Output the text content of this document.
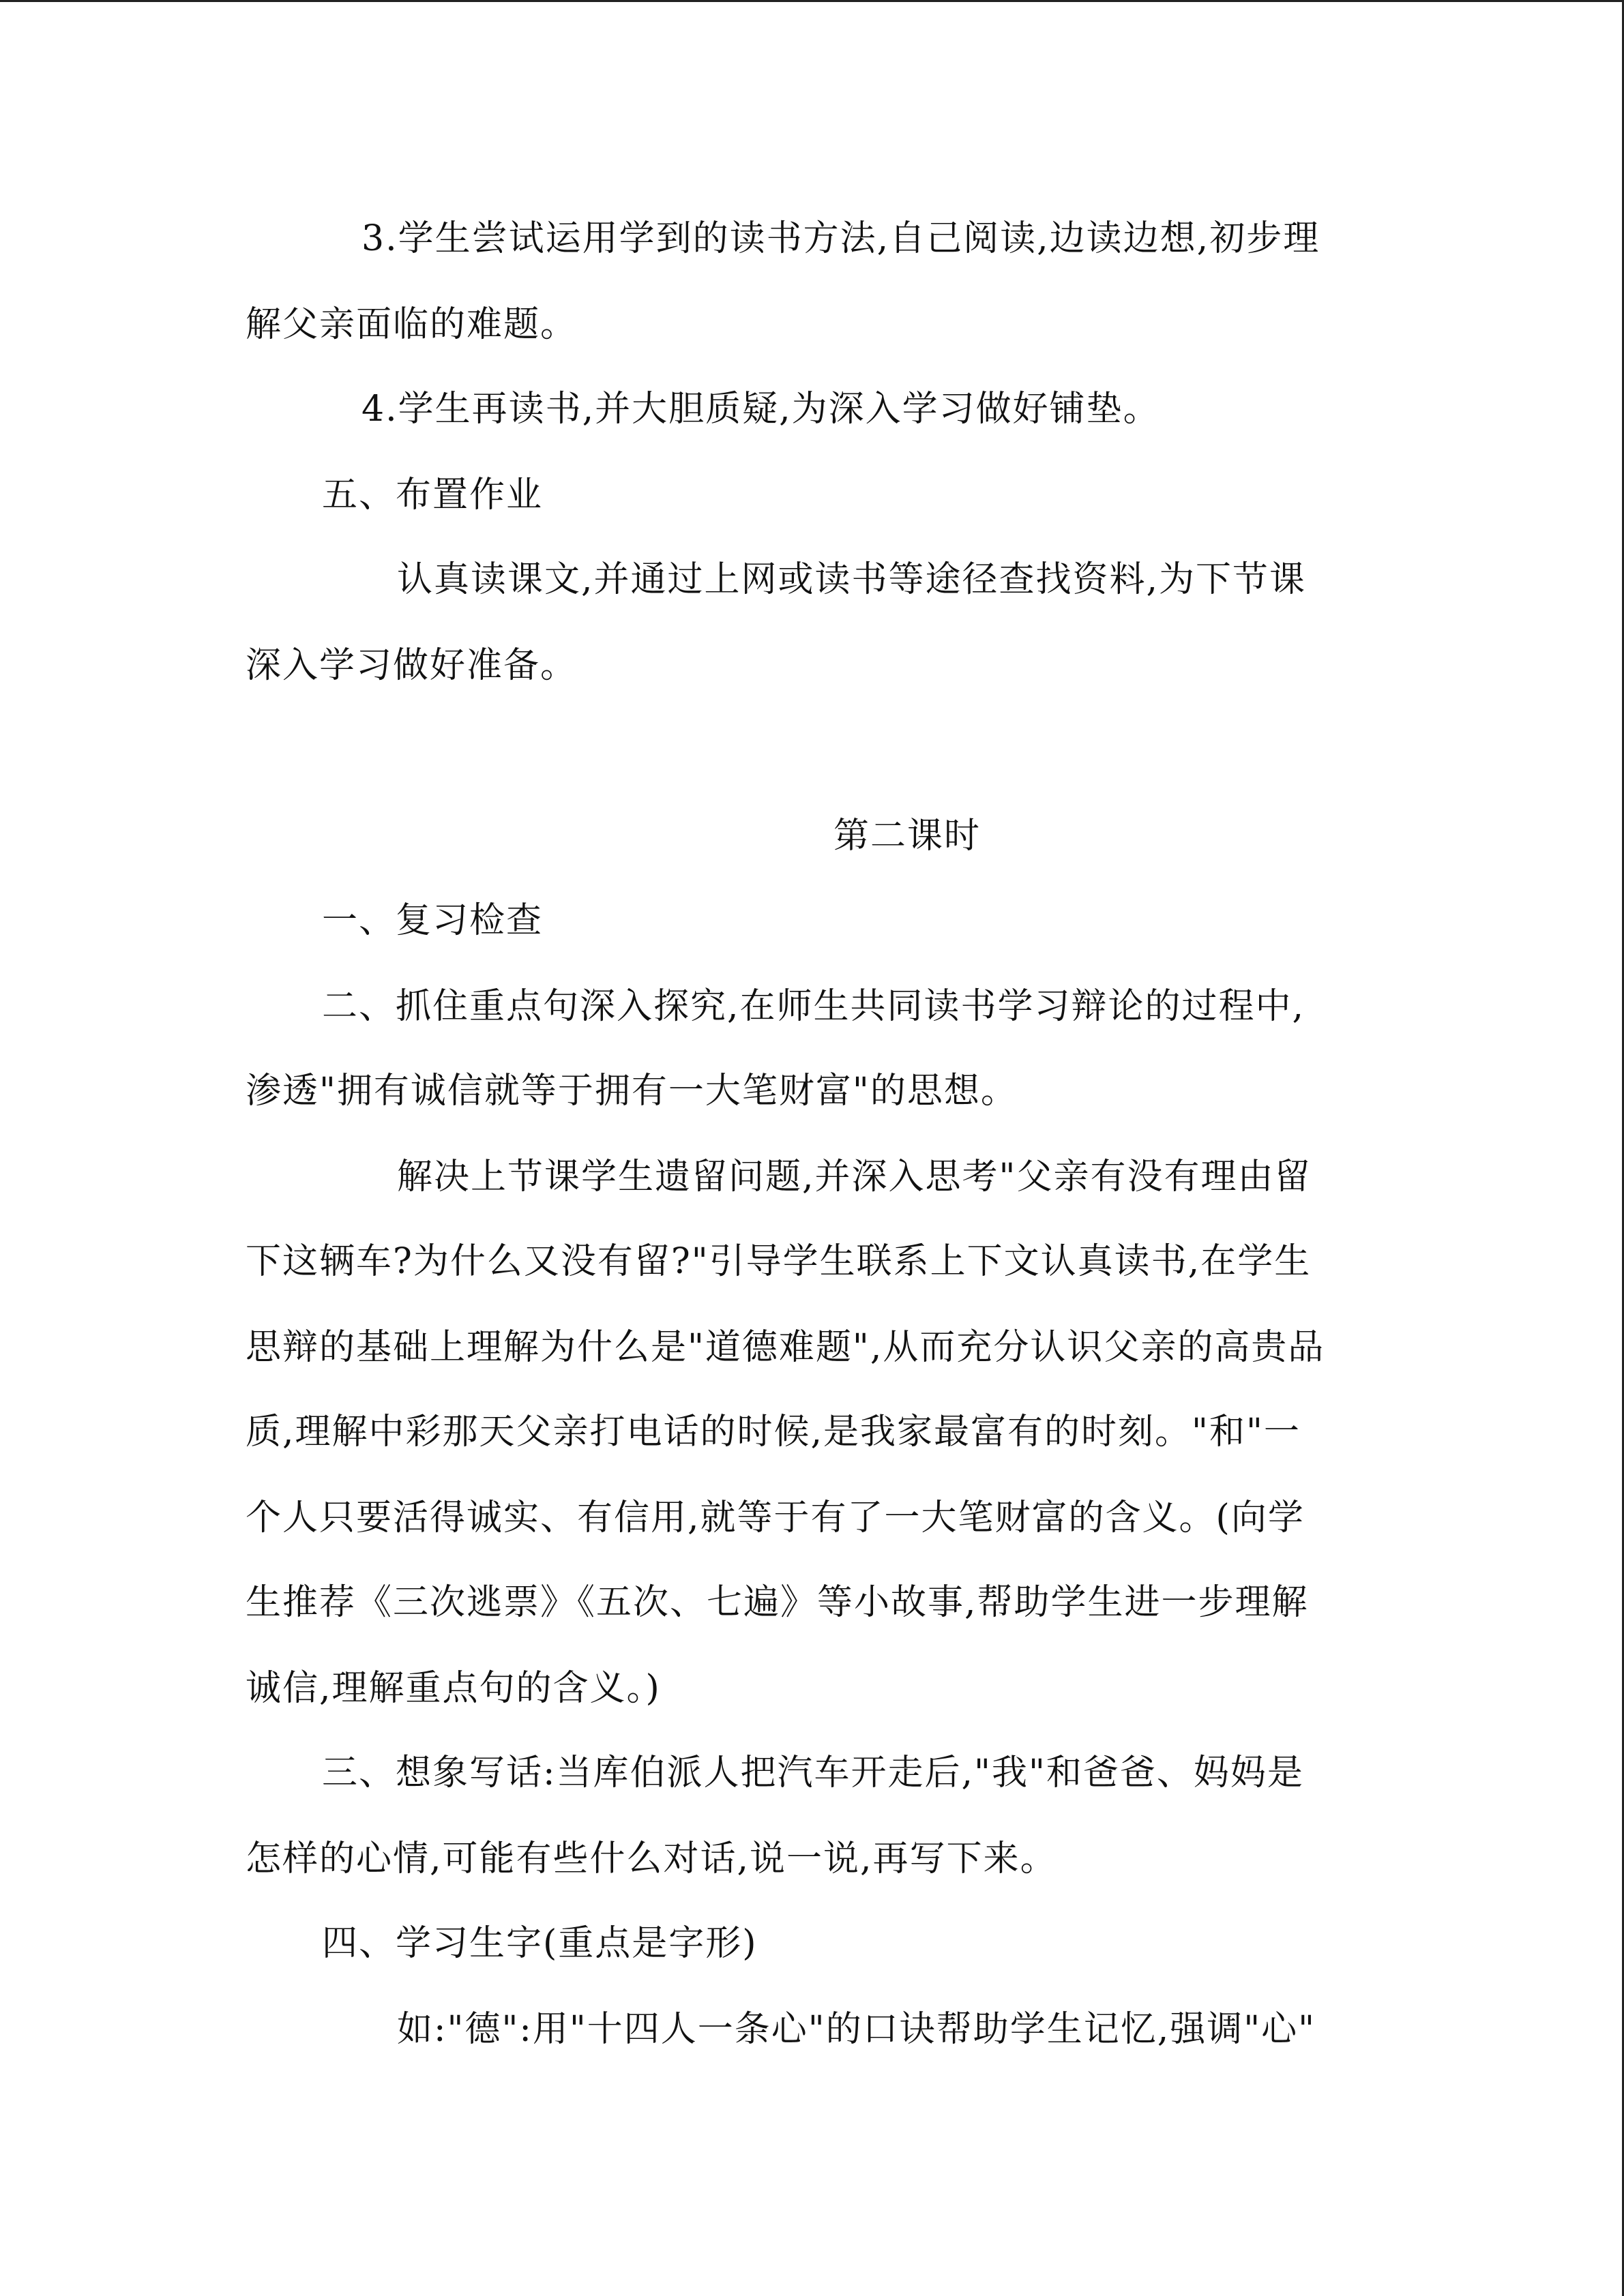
3.学生尝试运用学到的读书方法,自己阅读,边读边想,初步理
解父亲面临的难题。
4.学生再读书,并大胆质疑,为深入学习做好铺垫。
五、布置作业
认真读课文,并通过上网或读书等途径查找资料,为下节课
深入学习做好准备。
第二课时
一、复习检查
二、抓住重点句深入探究,在师生共同读书学习辩论的过程中,
渗透"拥有诚信就等于拥有一大笔财富"的思想。
解决上节课学生遗留问题,并深入思考"父亲有没有理由留
下这辆车?为什么又没有留?"引导学生联系上下文认真读书,在学生
思辩的基础上理解为什么是"道德难题",从而充分认识父亲的高贵品
质,理解中彩那天父亲打电话的时候,是我家最富有的时刻。"和"一
个人只要活得诚实、有信用,就等于有了一大笔财富的含义。(向学
生推荐《三次逃票》《五次、七遍》等小故事,帮助学生进一步理解
诚信,理解重点句的含义。)
三、想象写话:当库伯派人把汽车开走后,"我"和爸爸、妈妈是
怎样的心情,可能有些什么对话,说一说,再写下来。
四、学习生字(重点是字形)
如:"德":用"十四人一条心"的口诀帮助学生记忆,强调"心"
